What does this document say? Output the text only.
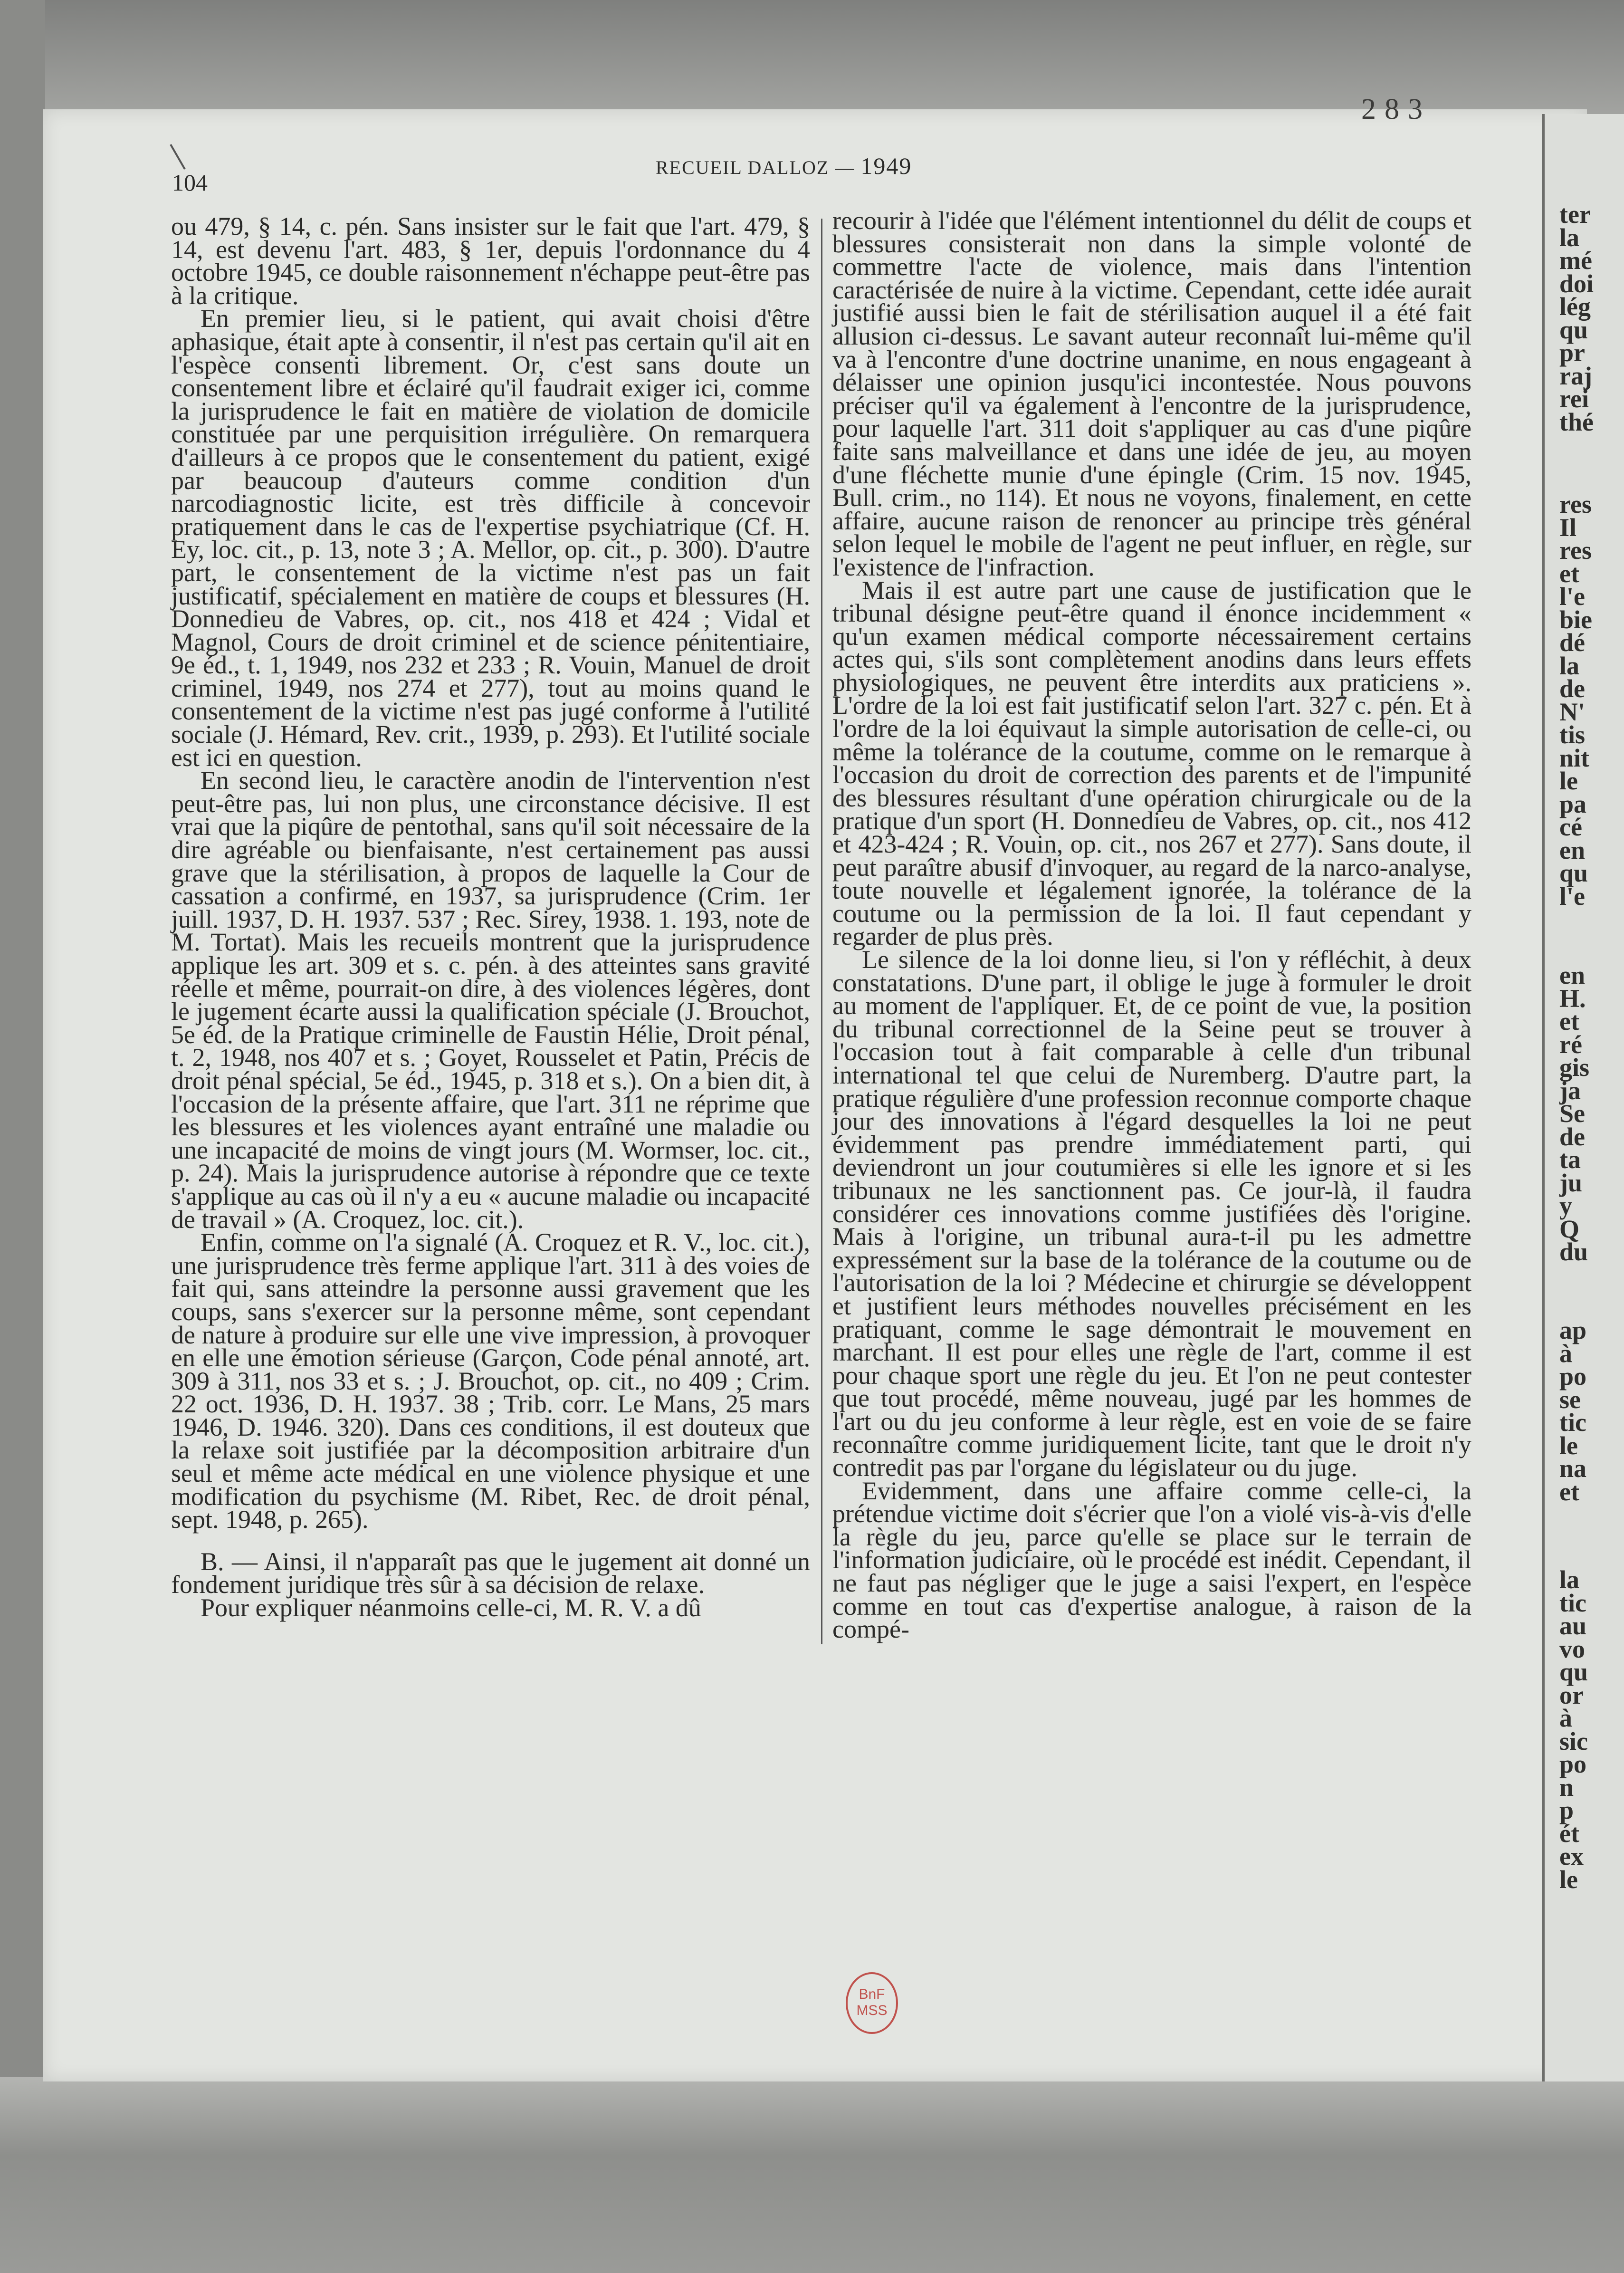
104
RECUEIL DALLOZ — 1949
283

ou 479, § 14, c. pén. Sans insister sur le fait que l'art. 479, § 14, est devenu l'art. 483, § 1er, depuis l'ordonnance du 4 octobre 1945, ce double raisonnement n'échappe peut-être pas à la critique.

En premier lieu, si le patient, qui avait choisi d'être aphasique, était apte à consentir, il n'est pas certain qu'il ait en l'espèce consenti librement. Or, c'est sans doute un consentement libre et éclairé qu'il faudrait exiger ici, comme la jurisprudence le fait en matière de violation de domicile constituée par une perquisition irrégulière. On remarquera d'ailleurs à ce propos que le consentement du patient, exigé par beaucoup d'auteurs comme condition d'un narcodiagnostic licite, est très difficile à concevoir pratiquement dans le cas de l'expertise psychiatrique (Cf. H. Ey, loc. cit., p. 13, note 3 ; A. Mellor, op. cit., p. 300). D'autre part, le consentement de la victime n'est pas un fait justificatif, spécialement en matière de coups et blessures (H. Donnedieu de Vabres, op. cit., nos 418 et 424 ; Vidal et Magnol, Cours de droit criminel et de science pénitentiaire, 9e éd., t. 1, 1949, nos 232 et 233 ; R. Vouin, Manuel de droit criminel, 1949, nos 274 et 277), tout au moins quand le consentement de la victime n'est pas jugé conforme à l'utilité sociale (J. Hémard, Rev. crit., 1939, p. 293). Et l'utilité sociale est ici en question.

En second lieu, le caractère anodin de l'intervention n'est peut-être pas, lui non plus, une circonstance décisive. Il est vrai que la piqûre de pentothal, sans qu'il soit nécessaire de la dire agréable ou bienfaisante, n'est certainement pas aussi grave que la stérilisation, à propos de laquelle la Cour de cassation a confirmé, en 1937, sa jurisprudence (Crim. 1er juill. 1937, D. H. 1937. 537 ; Rec. Sirey, 1938. 1. 193, note de M. Tortat). Mais les recueils montrent que la jurisprudence applique les art. 309 et s. c. pén. à des atteintes sans gravité réelle et même, pourrait-on dire, à des violences légères, dont le jugement écarte aussi la qualification spéciale (J. Brouchot, 5e éd. de la Pratique criminelle de Faustin Hélie, Droit pénal, t. 2, 1948, nos 407 et s. ; Goyet, Rousselet et Patin, Précis de droit pénal spécial, 5e éd., 1945, p. 318 et s.). On a bien dit, à l'occasion de la présente affaire, que l'art. 311 ne réprime que les blessures et les violences ayant entraîné une maladie ou une incapacité de moins de vingt jours (M. Wormser, loc. cit., p. 24). Mais la jurisprudence autorise à répondre que ce texte s'applique au cas où il n'y a eu « aucune maladie ou incapacité de travail » (A. Croquez, loc. cit.).

Enfin, comme on l'a signalé (A. Croquez et R. V., loc. cit.), une jurisprudence très ferme applique l'art. 311 à des voies de fait qui, sans atteindre la personne aussi gravement que les coups, sans s'exercer sur la personne même, sont cependant de nature à produire sur elle une vive impression, à provoquer en elle une émotion sérieuse (Garçon, Code pénal annoté, art. 309 à 311, nos 33 et s. ; J. Brouchot, op. cit., no 409 ; Crim. 22 oct. 1936, D. H. 1937. 38 ; Trib. corr. Le Mans, 25 mars 1946, D. 1946. 320). Dans ces conditions, il est douteux que la relaxe soit justifiée par la décomposition arbitraire d'un seul et même acte médical en une violence physique et une modification du psychisme (M. Ribet, Rec. de droit pénal, sept. 1948, p. 265).

B. — Ainsi, il n'apparaît pas que le jugement ait donné un fondement juridique très sûr à sa décision de relaxe.

Pour expliquer néanmoins celle-ci, M. R. V. a dû

recourir à l'idée que l'élément intentionnel du délit de coups et blessures consisterait non dans la simple volonté de commettre l'acte de violence, mais dans l'intention caractérisée de nuire à la victime. Cependant, cette idée aurait justifié aussi bien le fait de stérilisation auquel il a été fait allusion ci-dessus. Le savant auteur reconnaît lui-même qu'il va à l'encontre d'une doctrine unanime, en nous engageant à délaisser une opinion jusqu'ici incontestée. Nous pouvons préciser qu'il va également à l'encontre de la jurisprudence, pour laquelle l'art. 311 doit s'appliquer au cas d'une piqûre faite sans malveillance et dans une idée de jeu, au moyen d'une fléchette munie d'une épingle (Crim. 15 nov. 1945, Bull. crim., no 114). Et nous ne voyons, finalement, en cette affaire, aucune raison de renoncer au principe très général selon lequel le mobile de l'agent ne peut influer, en règle, sur l'existence de l'infraction.

Mais il est autre part une cause de justification que le tribunal désigne peut-être quand il énonce incidemment « qu'un examen médical comporte nécessairement certains actes qui, s'ils sont complètement anodins dans leurs effets physiologiques, ne peuvent être interdits aux praticiens ». L'ordre de la loi est fait justificatif selon l'art. 327 c. pén. Et à l'ordre de la loi équivaut la simple autorisation de celle-ci, ou même la tolérance de la coutume, comme on le remarque à l'occasion du droit de correction des parents et de l'impunité des blessures résultant d'une opération chirurgicale ou de la pratique d'un sport (H. Donnedieu de Vabres, op. cit., nos 412 et 423-424 ; R. Vouin, op. cit., nos 267 et 277). Sans doute, il peut paraître abusif d'invoquer, au regard de la narco-analyse, toute nouvelle et légalement ignorée, la tolérance de la coutume ou la permission de la loi. Il faut cependant y regarder de plus près.

Le silence de la loi donne lieu, si l'on y réfléchit, à deux constatations. D'une part, il oblige le juge à formuler le droit au moment de l'appliquer. Et, de ce point de vue, la position du tribunal correctionnel de la Seine peut se trouver à l'occasion tout à fait comparable à celle d'un tribunal international tel que celui de Nuremberg. D'autre part, la pratique régulière d'une profession reconnue comporte chaque jour des innovations à l'égard desquelles la loi ne peut évidemment pas prendre immédiatement parti, qui deviendront un jour coutumières si elle les ignore et si les tribunaux ne les sanctionnent pas. Ce jour-là, il faudra considérer ces innovations comme justifiées dès l'origine. Mais à l'origine, un tribunal aura-t-il pu les admettre expressément sur la base de la tolérance de la coutume ou de l'autorisation de la loi ? Médecine et chirurgie se développent et justifient leurs méthodes nouvelles précisément en les pratiquant, comme le sage démontrait le mouvement en marchant. Il est pour elles une règle de l'art, comme il est pour chaque sport une règle du jeu. Et l'on ne peut contester que tout procédé, même nouveau, jugé par les hommes de l'art ou du jeu conforme à leur règle, est en voie de se faire reconnaître comme juridiquement licite, tant que le droit n'y contredit pas par l'organe du législateur ou du juge.

Evidemment, dans une affaire comme celle-ci, la prétendue victime doit s'écrier que l'on a violé vis-à-vis d'elle la règle du jeu, parce qu'elle se place sur le terrain de l'information judiciaire, où le procédé est inédit. Cependant, il ne faut pas négliger que le juge a saisi l'expert, en l'espèce comme en tout cas d'expertise analogue, à raison de la compé-

BnF
MSS
ter
la
mé
doi
lég
qu
pr
raj
rei
thé
res
Il
res
et
l'e
bie
dé
la
de
N'
tis
nit
le
pa
cé
en
qu
l'e
en
H.
et
ré
gis
ja
Se
de
ta
ju
y
Q
du
ap
à
po
se
tic
le
na
et
la
tic
au
vo
qu
or
à
sic
po
n
p
ét
ex
le
